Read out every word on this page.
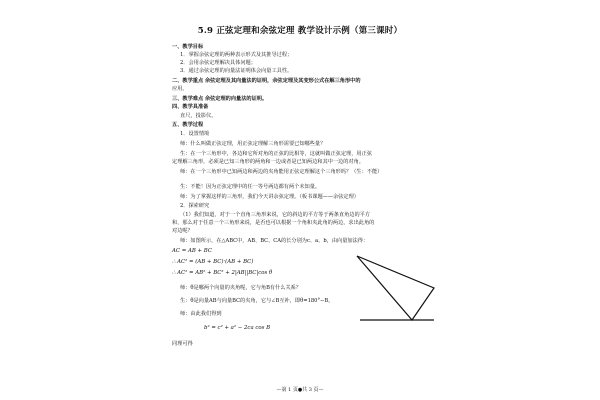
5.9 正弦定理和余弦定理 教学设计示例（第三课时）
一、教学目标
1．掌握余弦定理的两种表示形式及其推导过程；
2．会用余弦定理解决具体问题；
3．通过余弦定理的向量法证明体会向量工具性。
二、教学重点 余弦定理及其向量法的证明，余弦定理及其变形公式在解三角形中的
应用。
三、教学难点 余弦定理的向量法的证明。
四、教学具准备
直尺，投影仪。
五、教学过程
1．设置情境
师：什么叫做正弦定理，用正弦定理解三角形需要已知哪些量？
生：在一个三角形中，各边和它所对角的正弦的比相等，这就叫做正弦定理，用正弦
定理解三角形，必须是已知三角形的两角和一边或者是已知两边和其中一边的对角。
师：在一个三角形中已知两边和两边的夹角能用正弦定理解这个三角形吗？（生：不能）
生：不能！因为正弦定理中的任一等号两边都有两个未知量。
师：为了掌握这样的三角形，我们今天讲余弦定理。（板书课题——余弦定理）
2．探索研究
（1）我们知道，对于一个直角三角形来说，它的斜边的平方等于两条直角边的平方
和，那么对于任意一个三角形来说，是否也可以根据一个角和夹此角的两边，求出此角的
对边呢？
师：如图所示，在△ABC中，AB、BC、CA的长分别为c、a、b，由向量加法得：
AC = AB + BC
∴ AC² = (AB + BC)·(AB + BC)
∴ AC² = AB² + BC² + 2|AB||BC|cos θ
师：θ是哪两个向量的夹角呢，它与角B有什么关系？
生：θ是向量AB与向量BC的夹角，它与∠B互补，即θ=180°−B。
师：由此我们得到
b² = c² + a² − 2ca cos B
同理可得
—第 1 页●共 3 页—
